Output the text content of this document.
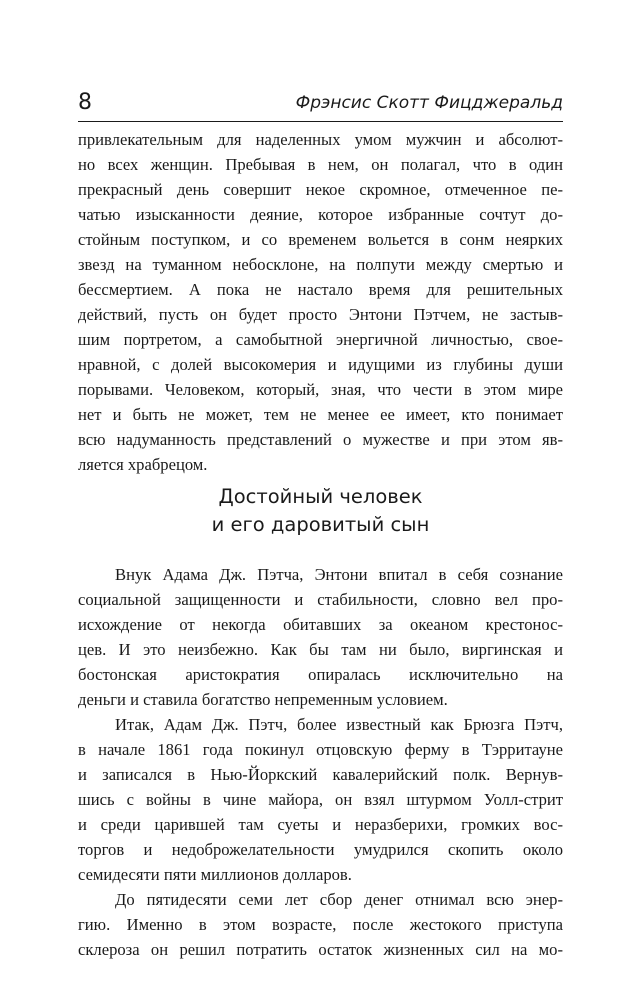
8	Фрэнсис Скотт Фицджеральд
привлекательным для наделенных умом мужчин и абсолют-
но всех женщин. Пребывая в нем, он полагал, что в один
прекрасный день совершит некое скромное, отмеченное пе-
чатью изысканности деяние, которое избранные сочтут до-
стойным поступком, и со временем вольется в сонм неярких
звезд на туманном небосклоне, на полпути между смертью и
бессмертием. А пока не настало время для решительных
действий, пусть он будет просто Энтони Пэтчем, не застыв-
шим портретом, а самобытной энергичной личностью, свое-
нравной, с долей высокомерия и идущими из глубины души
порывами. Человеком, который, зная, что чести в этом мире
нет и быть не может, тем не менее ее имеет, кто понимает
всю надуманность представлений о мужестве и при этом яв-
ляется храбрецом.
Достойный человек
и его даровитый сын
Внук Адама Дж. Пэтча, Энтони впитал в себя сознание
социальной защищенности и стабильности, словно вел про-
исхождение от некогда обитавших за океаном крестонос-
цев. И это неизбежно. Как бы там ни было, виргинская и
бостонская аристократия опиралась исключительно на
деньги и ставила богатство непременным условием.
Итак, Адам Дж. Пэтч, более известный как Брюзга Пэтч,
в начале 1861 года покинул отцовскую ферму в Тэрритауне
и записался в Нью-Йоркский кавалерийский полк. Вернув-
шись с войны в чине майора, он взял штурмом Уолл-стрит
и среди царившей там суеты и неразберихи, громких вос-
торгов и недоброжелательности умудрился скопить около
семидесяти пяти миллионов долларов.
До пятидесяти семи лет сбор денег отнимал всю энер-
гию. Именно в этом возрасте, после жестокого приступа
склероза он решил потратить остаток жизненных сил на мо-
